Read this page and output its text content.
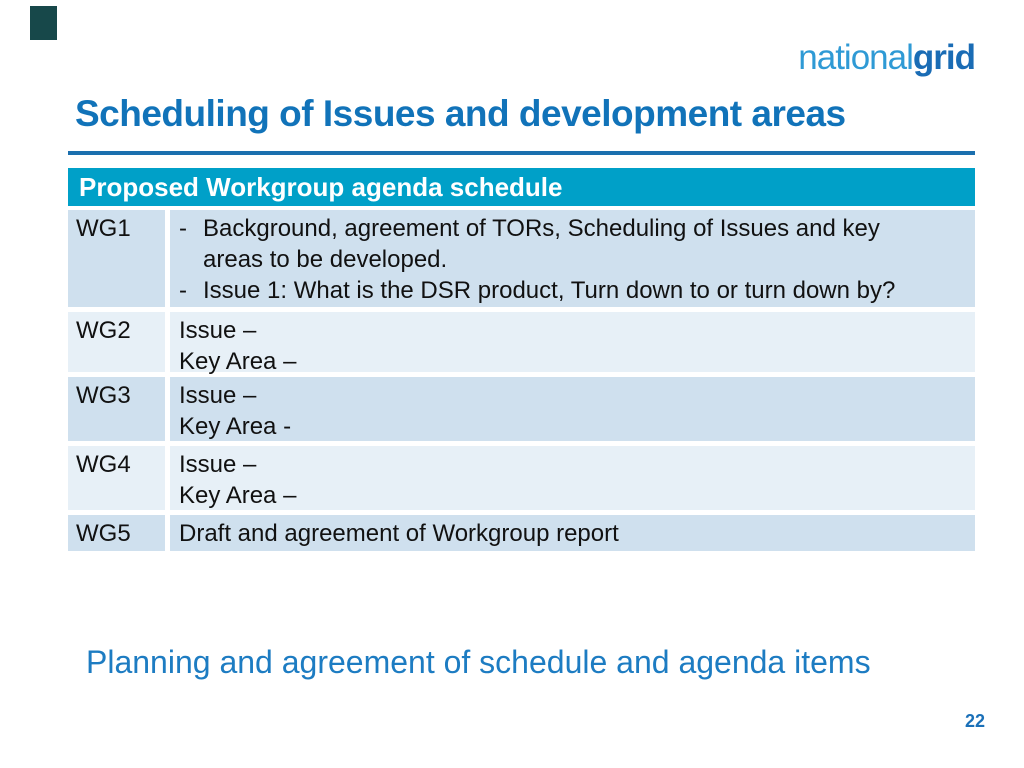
nationalgrid
Scheduling of Issues and development areas
Proposed Workgroup agenda schedule
WG1	- Background, agreement of TORs, Scheduling of Issues and key
areas to be developed.
- Issue 1: What is the DSR product, Turn down to or turn down by?
WG2	Issue –
Key Area –
WG3	Issue –
Key Area -
WG4	Issue –
Key Area –
WG5	Draft and agreement of Workgroup report
Planning and agreement of schedule and agenda items
22
